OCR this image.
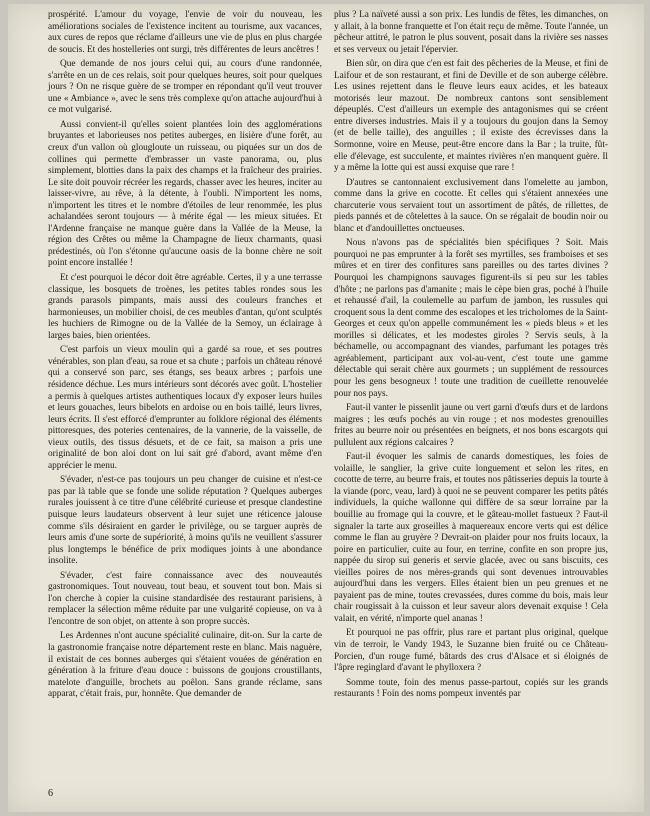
prospérité. L'amour du voyage, l'envie de voir du nouveau, les améliorations sociales de l'existence incitent au tourisme, aux vacances, aux cures de repos que réclame d'ailleurs une vie de plus en plus chargée de soucis. Et des hostelleries ont surgi, très différentes de leurs ancêtres !

Que demande de nos jours celui qui, au cours d'une randonnée, s'arrête en un de ces relais, soit pour quelques heures, soit pour quelques jours ? On ne risque guère de se tromper en répondant qu'il veut trouver une « Ambiance », avec le sens très complexe qu'on attache aujourd'hui à ce mot vulgarisé.

Aussi convient-il qu'elles soient plantées loin des agglomérations bruyantes et laborieuses nos petites auberges, en lisière d'une forêt, au creux d'un vallon où glougloute un ruisseau, ou piquées sur un dos de collines qui permette d'embrasser un vaste panorama, ou, plus simplement, blotties dans la paix des champs et la fraîcheur des prairies. Le site doit pouvoir récréer les regards, chasser avec les heures, inciter au laisser-vivre, au rêve, à la détente, à l'oubli. N'importent les noms, n'importent les titres et le nombre d'étoiles de leur renommée, les plus achalandées seront toujours — à mérite égal — les mieux situées. Et l'Ardenne française ne manque guère dans la Vallée de la Meuse, la région des Crêtes ou même la Champagne de lieux charmants, quasi prédestinés, où l'on s'étonne qu'aucune oasis de la bonne chère ne soit point encore installée !

Et c'est pourquoi le décor doit être agréable. Certes, il y a une terrasse classique, les bosquets de troènes, les petites tables rondes sous les grands parasols pimpants, mais aussi des couleurs franches et harmonieuses, un mobilier choisi, de ces meubles d'antan, qu'ont sculptés les huchiers de Rimogne ou de la Vallée de la Semoy, un éclairage à larges baies, bien orientées.

C'est parfois un vieux moulin qui a gardé sa roue, et ses poutres vénérables, son plan d'eau, sa roue et sa chute ; parfois un château rénové qui a conservé son parc, ses étangs, ses beaux arbres ; parfois une résidence déchue. Les murs intérieurs sont décorés avec goût. L'hostelier a permis à quelques artistes authentiques locaux d'y exposer leurs huiles et leurs gouaches, leurs bibelots en ardoise ou en bois taillé, leurs livres, leurs écrits. Il s'est efforcé d'emprunter au folklore régional des éléments pittoresques, des poteries centenaires, de la vannerie, de la vaisselle, de vieux outils, des tissus désuets, et de ce fait, sa maison a pris une originalité de bon aloi dont on lui sait gré d'abord, avant même d'en apprécier le menu.

S'évader, n'est-ce pas toujours un peu changer de cuisine et n'est-ce pas par là table que se fonde une solide réputation ? Quelques auberges rurales jouissent à ce titre d'une célébrité curieuse et presque clandestine puisque leurs laudateurs observent à leur sujet une réticence jalouse comme s'ils désiraient en garder le privilège, ou se targuer auprès de leurs amis d'une sorte de supériorité, à moins qu'ils ne veuillent s'assurer plus longtemps le bénéfice de prix modiques joints à une abondance insolite.

S'évader, c'est faire connaissance avec des nouveautés gastronomiques. Tout nouveau, tout beau, et souvent tout bon. Mais si l'on cherche à copier la cuisine standardisée des restaurant parisiens, à remplacer la sélection même réduite par une vulgarité copieuse, on va à l'encontre de son objet, on attente à son propre succès.

Les Ardennes n'ont aucune spécialité culinaire, dit-on. Sur la carte de la gastronomie française notre département reste en blanc. Mais naguère, il existait de ces bonnes auberges qui s'étaient vouées de génération en génération à la friture d'eau douce : buissons de goujons croustillants, matelote d'anguille, brochets au poêlon. Sans grande réclame, sans apparat, c'était frais, pur, honnête. Que demander de

plus ? La naïveté aussi a son prix. Les lundis de fêtes, les dimanches, on y allait, à la bonne franquette et l'on était reçu de même. Toute l'année, un pêcheur attitré, le patron le plus souvent, posait dans la rivière ses nasses et ses verveux ou jetait l'épervier.

Bien sûr, on dira que c'en est fait des pêcheries de la Meuse, et fini de Laifour et de son restaurant, et fini de Deville et de son auberge célèbre. Les usines rejettent dans le fleuve leurs eaux acides, et les bateaux motorisés leur mazout. De nombreux cantons sont sensiblement dépeuplés. C'est d'ailleurs un exemple des antagonismes qui se créent entre diverses industries. Mais il y a toujours du goujon dans la Semoy (et de belle taille), des anguilles ; il existe des écrevisses dans la Sormonne, voire en Meuse, peut-être encore dans la Bar ; la truite, fût-elle d'élevage, est succulente, et maintes rivières n'en manquent guère. Il y a même la lotte qui est aussi exquise que rare !

D'autres se cantonnaient exclusivement dans l'omelette au jambon, comme dans la grive en cocotte. Et celles qui s'étaient annexées une charcuterie vous servaient tout un assortiment de pâtés, de rillettes, de pieds pannés et de côtelettes à la sauce. On se régalait de boudin noir ou blanc et d'andouillettes onctueuses.

Nous n'avons pas de spécialités bien spécifiques ? Soit. Mais pourquoi ne pas emprunter à la forêt ses myrtilles, ses framboises et ses mûres et en tirer des confitures sans pareilles ou des tartes divines ? Pourquoi les champignons sauvages figurent-ils si peu sur les tables d'hôte ; ne parlons pas d'amanite ; mais le cèpe bien gras, poché à l'huile et rehaussé d'ail, la coulemelle au parfum de jambon, les russules qui croquent sous la dent comme des escalopes et les tricholomes de la Saint-Georges et ceux qu'on appelle communément les « pieds bleus » et les morilles si délicates, et les modestes giroles ? Servis seuls, à la béchamelle, ou accompagnant des viandes, parfumant les potages très agréablement, participant aux vol-au-vent, c'est toute une gamme délectable qui serait chère aux gourmets ; un supplément de ressources pour les gens besogneux ! toute une tradition de cueillette renouvelée pour nos pays.

Faut-il vanter le pissenlit jaune ou vert garni d'œufs durs et de lardons maigres ; les œufs pochés au vin rouge ; et nos modestes grenouilles frites au beurre noir ou présentées en beignets, et nos bons escargots qui pullulent aux régions calcaires ?

Faut-il évoquer les salmis de canards domestiques, les foies de volaille, le sanglier, la grive cuite longuement et selon les rites, en cocotte de terre, au beurre frais, et toutes nos pâtisseries depuis la tourte à la viande (porc, veau, lard) à quoi ne se peuvent comparer les petits pâtés individuels, la quiche wallonne qui diffère de sa sœur lorraine par la bouillie au fromage qui la couvre, et le gâteau-mollet fastueux ? Faut-il signaler la tarte aux groseilles à maquereaux encore verts qui est délice comme le flan au gruyère ? Devrait-on plaider pour nos fruits locaux, la poire en particulier, cuite au four, en terrine, confite en son propre jus, nappée du sirop sui generis et servie glacée, avec ou sans biscuits, ces vieilles poires de nos mères-grands qui sont devenues introuvables aujourd'hui dans les vergers. Elles étaient bien un peu grenues et ne payaient pas de mine, toutes crevassées, dures comme du bois, mais leur chair rougissait à la cuisson et leur saveur alors devenait exquise ! Cela valait, en vérité, n'importe quel ananas !

Et pourquoi ne pas offrir, plus rare et partant plus original, quelque vin de terroir, le Vandy 1943, le Suzanne bien fruité ou ce Château-Porcien, d'un rouge fumé, bâtards des crus d'Alsace et si éloignés de l'âpre reginglard d'avant le phylloxera ?

Somme toute, foin des menus passe-partout, copiés sur les grands restaurants ! Foin des noms pompeux inventés par

6
